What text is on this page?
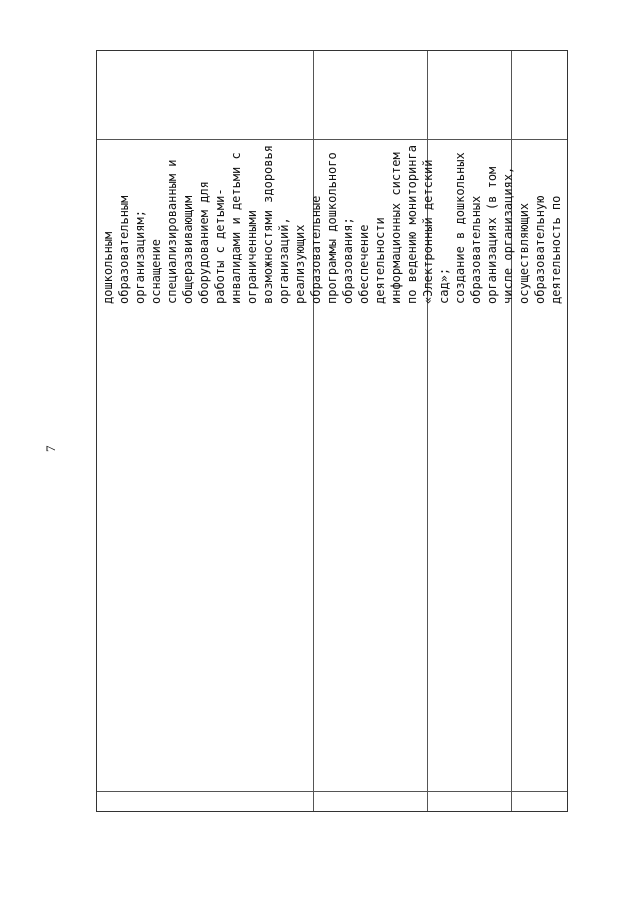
7
дошкольным
образовательным
организациям;
оснащение
специализированным и
общеразвивающим
оборудованием для
работы с детьми-
инвалидами и детьми с
ограниченными
возможностями здоровья
организаций,
реализующих
образовательные
программы дошкольного
образования;
обеспечение
деятельности
информационных систем
по ведению мониторинга
«Электронный детский
сад»;
создание в дошкольных
образовательных
организациях (в том
числе организациях,
осуществляющих
образовательную
деятельность по
